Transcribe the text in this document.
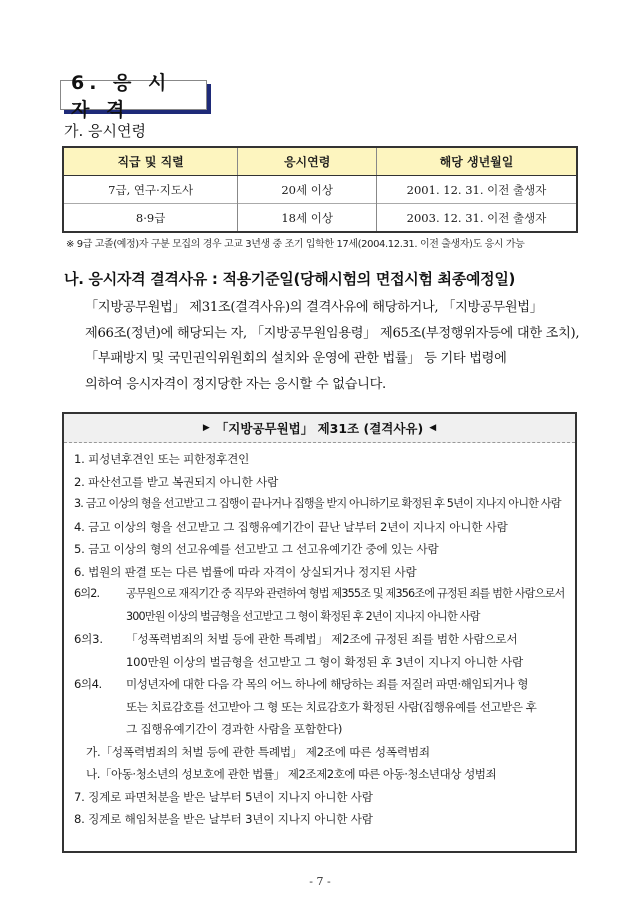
6. 응 시 자 격
가. 응시연령
직급 및 직렬	응시연령	해당 생년월일
7급, 연구·지도사	20세 이상	2001. 12. 31. 이전 출생자
8·9급	18세 이상	2003. 12. 31. 이전 출생자
※ 9급 고졸(예정)자 구분 모집의 경우 고교 3년생 중 조기 입학한 17세(2004.12.31. 이전 출생자)도 응시 가능
나. 응시자격 결격사유 : 적용기준일(당해시험의 면접시험 최종예정일)
「지방공무원법」 제31조(결격사유)의 결격사유에 해당하거나, 「지방공무원법」
제66조(정년)에 해당되는 자, 「지방공무원임용령」 제65조(부정행위자등에 대한 조치),
「부패방지 및 국민권익위원회의 설치와 운영에 관한 법률」 등 기타 법령에
의하여 응시자격이 정지당한 자는 응시할 수 없습니다.
▶ 「지방공무원법」 제31조 (결격사유) ◀
1.
피성년후견인 또는 피한정후견인
2.
파산선고를 받고 복권되지 아니한 사람
3.
금고 이상의 형을 선고받고 그 집행이 끝나거나 집행을 받지 아니하기로 확정된 후 5년이 지나지 아니한 사람
4.
금고 이상의 형을 선고받고 그 집행유예기간이 끝난 날부터 2년이 지나지 아니한 사람
5.
금고 이상의 형의 선고유예를 선고받고 그 선고유예기간 중에 있는 사람
6.
법원의 판결 또는 다른 법률에 따라 자격이 상실되거나 정지된 사람
6의2.	공무원으로 재직기간 중 직무와 관련하여 형법 제355조 및 제356조에 규정된 죄를 범한 사람으로서
300만원 이상의 벌금형을 선고받고 그 형이 확정된 후 2년이 지나지 아니한 사람
6의3.	「성폭력범죄의 처벌 등에 관한 특례법」 제2조에 규정된 죄를 범한 사람으로서
100만원 이상의 벌금형을 선고받고 그 형이 확정된 후 3년이 지나지 아니한 사람
6의4.	미성년자에 대한 다음 각 목의 어느 하나에 해당하는 죄를 저질러 파면·해임되거나 형
또는 치료감호를 선고받아 그 형 또는 치료감호가 확정된 사람(집행유예를 선고받은 후
그 집행유예기간이 경과한 사람을 포함한다)
가. 「성폭력범죄의 처벌 등에 관한 특례법」 제2조에 따른 성폭력범죄
나. 「아동·청소년의 성보호에 관한 법률」 제2조제2호에 따른 아동·청소년대상 성범죄
7.
징계로 파면처분을 받은 날부터 5년이 지나지 아니한 사람
8.
징계로 해임처분을 받은 날부터 3년이 지나지 아니한 사람
- 7 -
